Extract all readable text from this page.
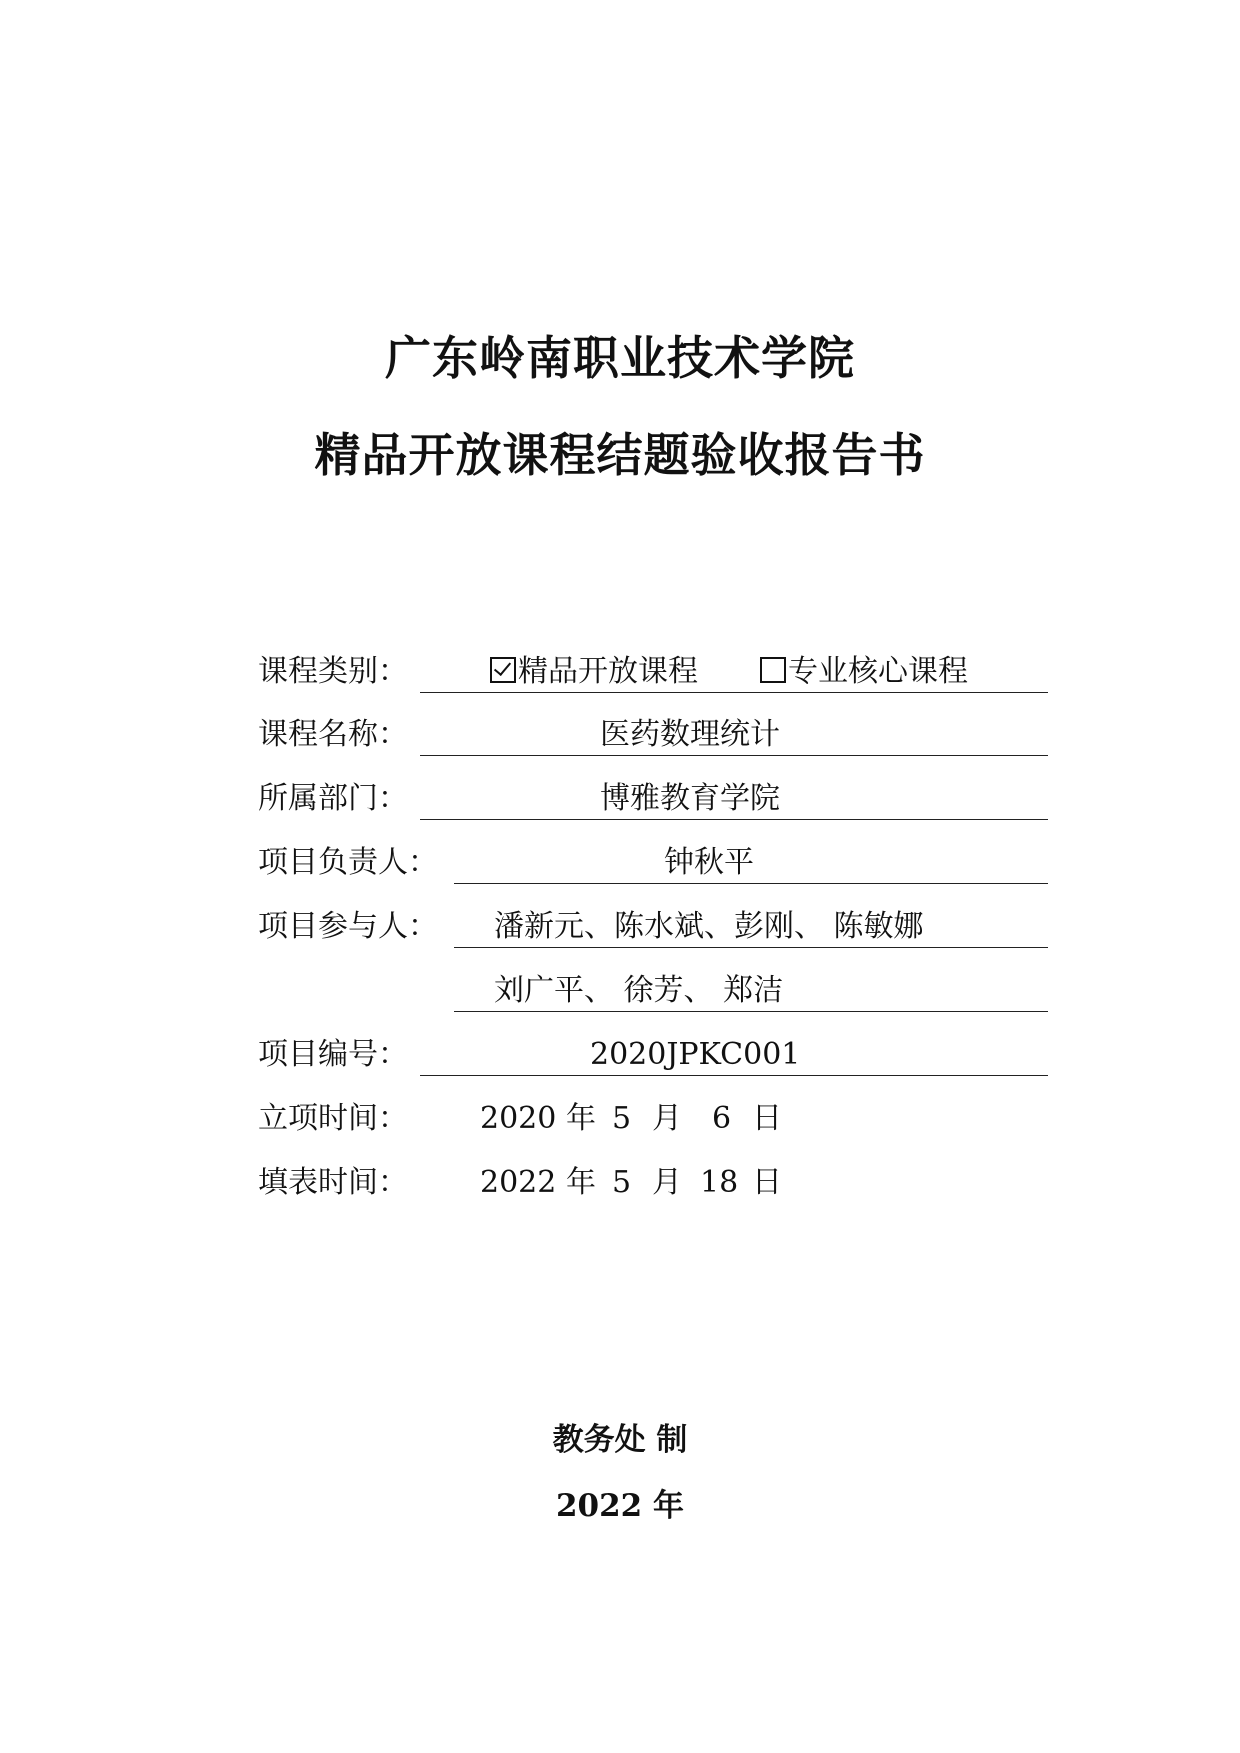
广东岭南职业技术学院
精品开放课程结题验收报告书
课程类别：	精品开放课程	专业核心课程
课程名称：	医药数理统计
所属部门：	博雅教育学院
项目负责人：	钟秋平
项目参与人： 潘新元、陈水斌、彭刚、 陈敏娜
刘广平、 徐芳、 郑洁
项目编号：	2020JPKC001
立项时间： 2020 年 5 月 6 日
填表时间： 2022 年 5 月 18 日
教务处 制
2022 年
